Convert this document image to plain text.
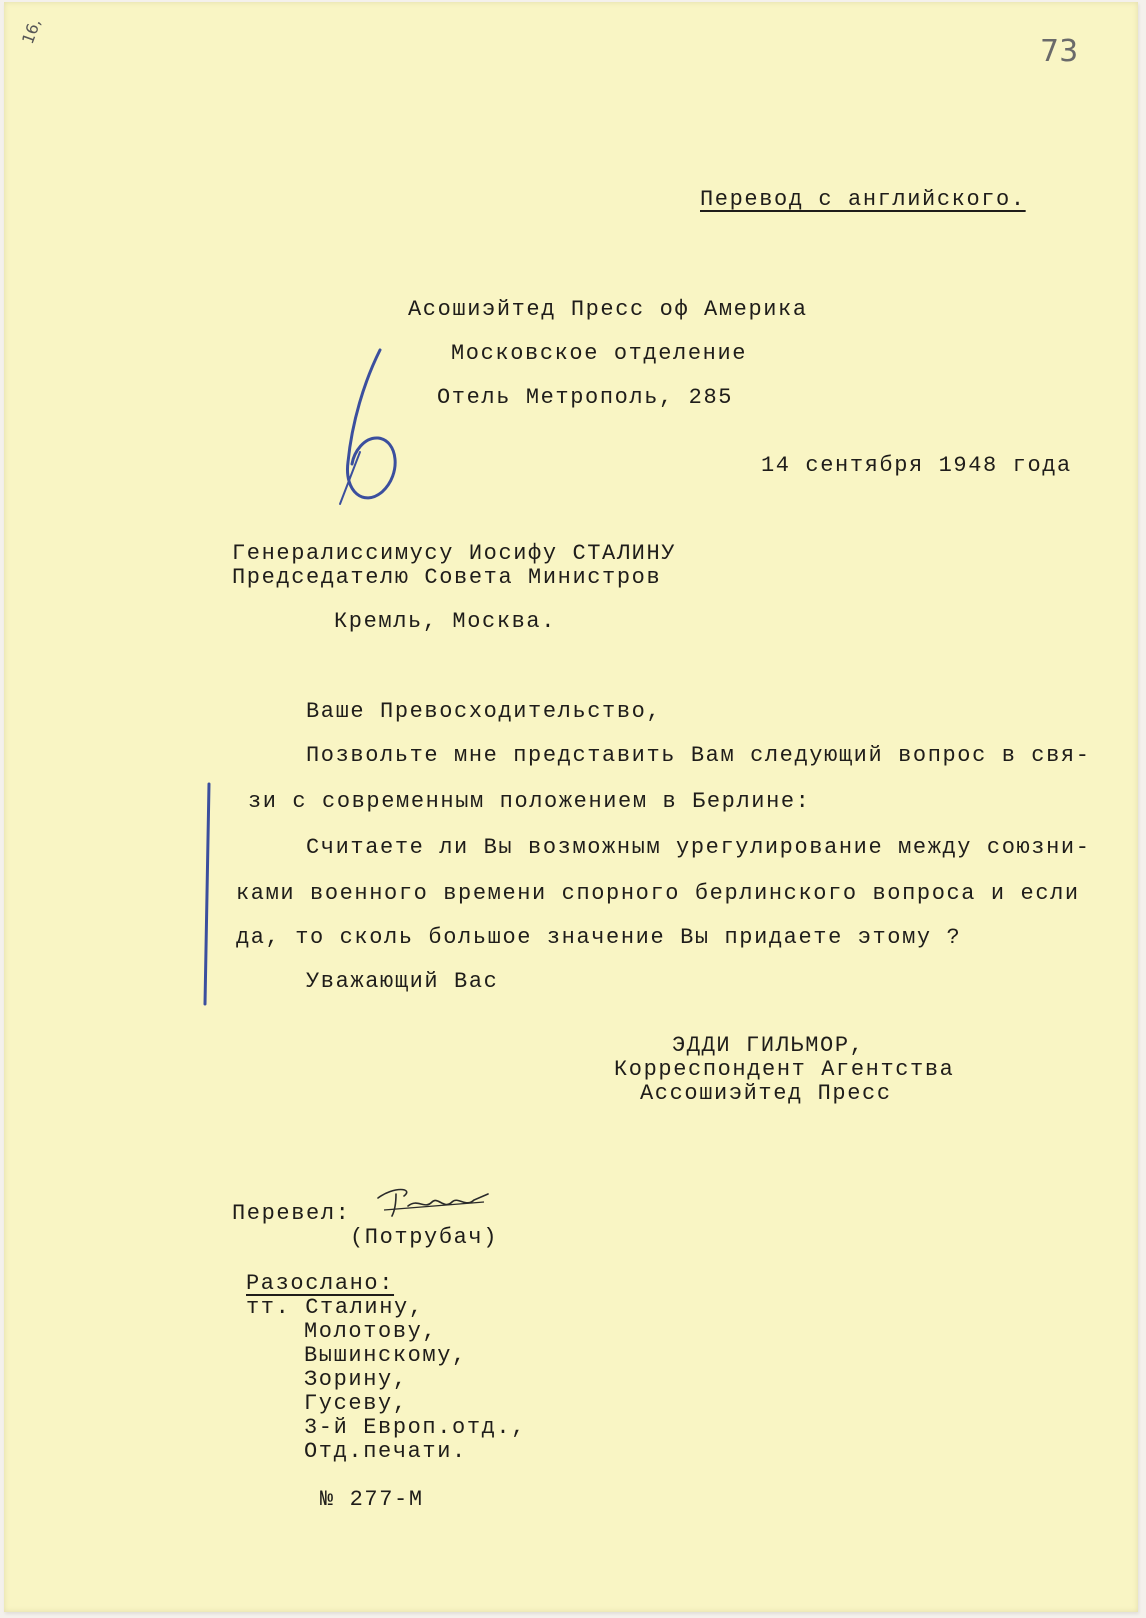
16,
73
Перевод с английского.
Асошиэйтед Пресс оф Америка
Московское отделение
Отель Метрополь, 285
14 сентября 1948 года
Генералиссимусу Иосифу СТАЛИНУ
Председателю Совета Министров
Кремль, Москва.
Ваше Превосходительство,
Позвольте мне представить Вам следующий вопрос в свя-
зи с современным положением в Берлине:
Считаете ли Вы возможным урегулирование между союзни-
ками военного времени спорного берлинского вопроса и если
да, то сколь большое значение Вы придаете этому ?
Уважающий Вас
ЭДДИ ГИЛЬМОР,
Корреспондент Агентства
Ассошиэйтед Пресс
Перевел:
(Потрубач)
Разослано:
тт. Сталину,
Молотову,
Вышинскому,
Зорину,
Гусеву,
3-й Европ.отд.,
Отд.печати.
№ 277-М
